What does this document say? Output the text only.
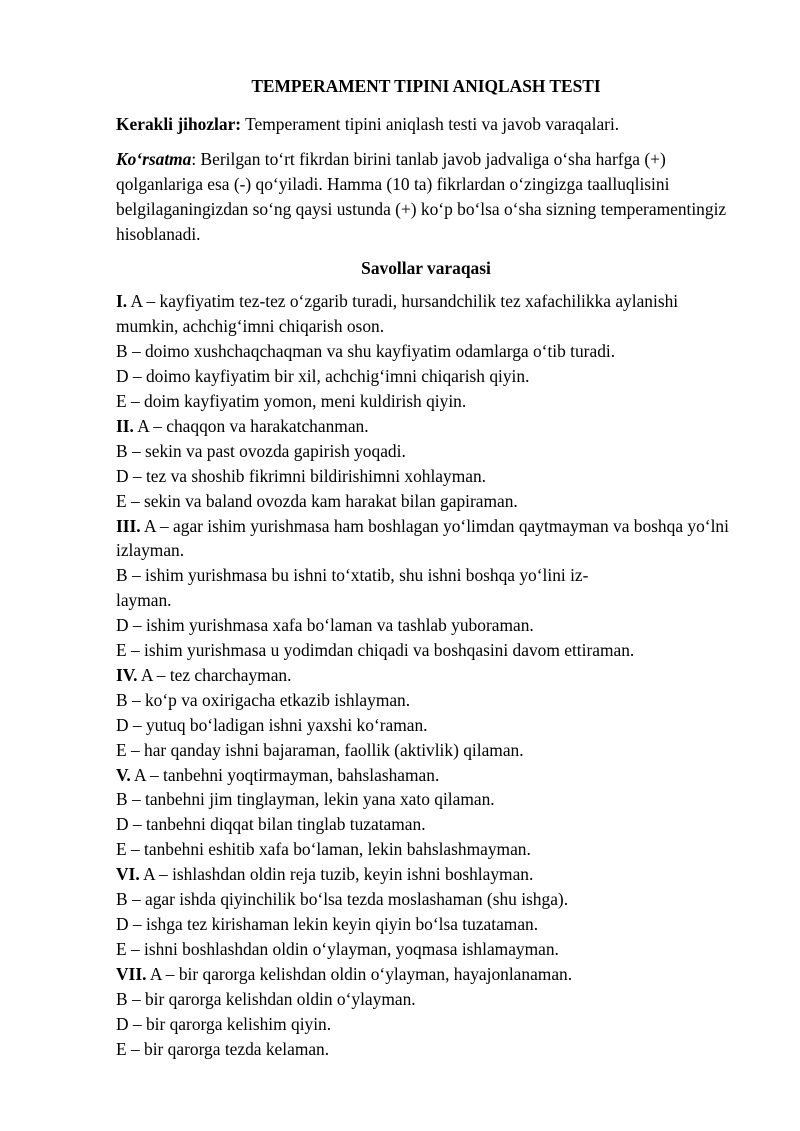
TEMPERAMENT TIPINI ANIQLASH TESTI

Kerakli jihozlar: Temperament tipini aniqlash testi va javob varaqalari.

Ko‘rsatma: Berilgan to‘rt fikrdan birini tanlab javob jadvaliga o‘sha harfga (+) qolganlariga esa (-) qo‘yiladi. Hamma (10 ta) fikrlardan o‘zingizga taalluqlisini belgilaganingizdan so‘ng qaysi ustunda (+) ko‘p bo‘lsa o‘sha sizning temperamentingiz hisoblanadi.

Savollar varaqasi

I. A – kayfiyatim tez-tez o‘zgarib turadi, hursandchilik tez xafachilikka aylanishi mumkin, achchig‘imni chiqarish oson.

B – doimo xushchaqchaqman va shu kayfiyatim odamlarga o‘tib turadi.

D – doimo kayfiyatim bir xil, achchig‘imni chiqarish qiyin.

E – doim kayfiyatim yomon, meni kuldirish qiyin.

II. A – chaqqon va harakatchanman.

B – sekin va past ovozda gapirish yoqadi.

D – tez va shoshib fikrimni bildirishimni xohlayman.

E – sekin va baland ovozda kam harakat bilan gapiraman.

III. A – agar ishim yurishmasa ham boshlagan yo‘limdan qaytmayman va boshqa yo‘lni izlayman.

B – ishim yurishmasa bu ishni to‘xtatib, shu ishni boshqa yo‘lini iz-

layman.

D – ishim yurishmasa xafa bo‘laman va tashlab yuboraman.

E – ishim yurishmasa u yodimdan chiqadi va boshqasini davom ettiraman.

IV. A – tez charchayman.

B – ko‘p va oxirigacha etkazib ishlayman.

D – yutuq bo‘ladigan ishni yaxshi ko‘raman.

E – har qanday ishni bajaraman, faollik (aktivlik) qilaman.

V. A – tanbehni yoqtirmayman, bahslashaman.

B – tanbehni jim tinglayman, lekin yana xato qilaman.

D – tanbehni diqqat bilan tinglab tuzataman.

E – tanbehni eshitib xafa bo‘laman, lekin bahslashmayman.

VI. A – ishlashdan oldin reja tuzib, keyin ishni boshlayman.

B – agar ishda qiyinchilik bo‘lsa tezda moslashaman (shu ishga).

D – ishga tez kirishaman lekin keyin qiyin bo‘lsa tuzataman.

E – ishni boshlashdan oldin o‘ylayman, yoqmasa ishlamayman.

VII. A – bir qarorga kelishdan oldin o‘ylayman, hayajonlanaman.

B – bir qarorga kelishdan oldin o‘ylayman.

D – bir qarorga kelishim qiyin.

E – bir qarorga tezda kelaman.
